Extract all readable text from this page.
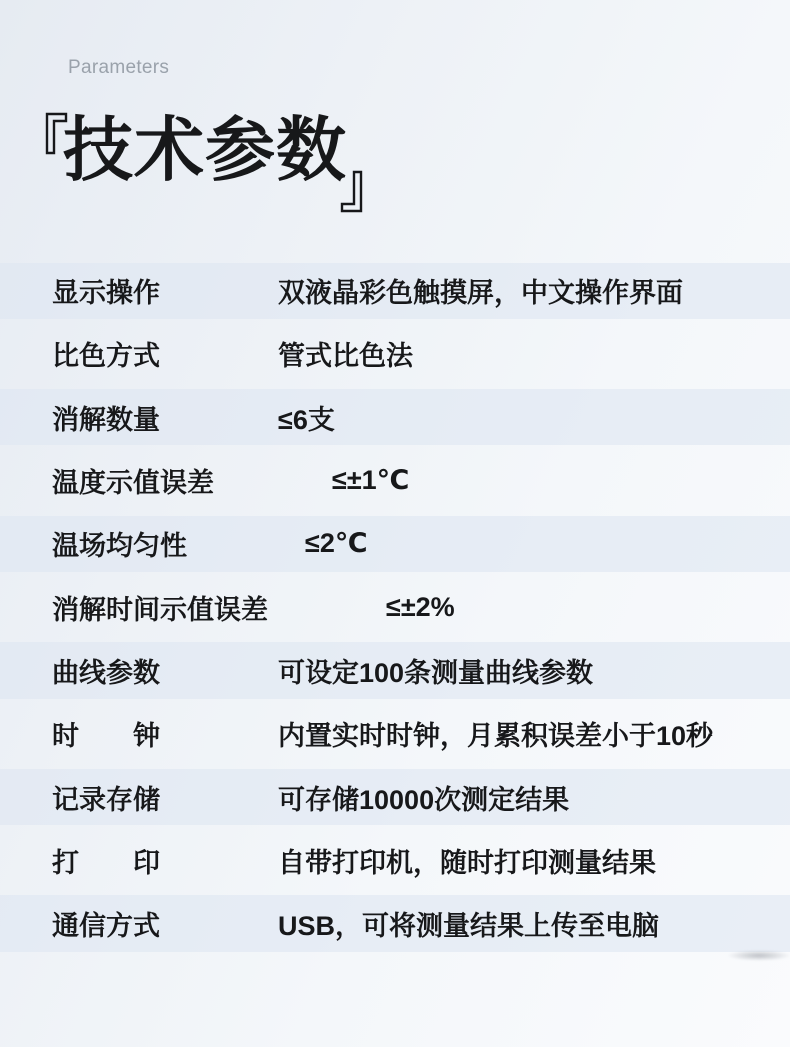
Parameters
技术参数
显示操作	双液晶彩色触摸屏，中文操作界面
比色方式	管式比色法
消解数量	≤6支
温度示值误差	≤±1℃
温场均匀性	≤2℃
消解时间示值误差	≤±2%
曲线参数	可设定100条测量曲线参数
时　钟	内置实时时钟，月累积误差小于10秒
记录存储	可存储10000次测定结果
打　印	自带打印机，随时打印测量结果
通信方式	USB，可将测量结果上传至电脑
